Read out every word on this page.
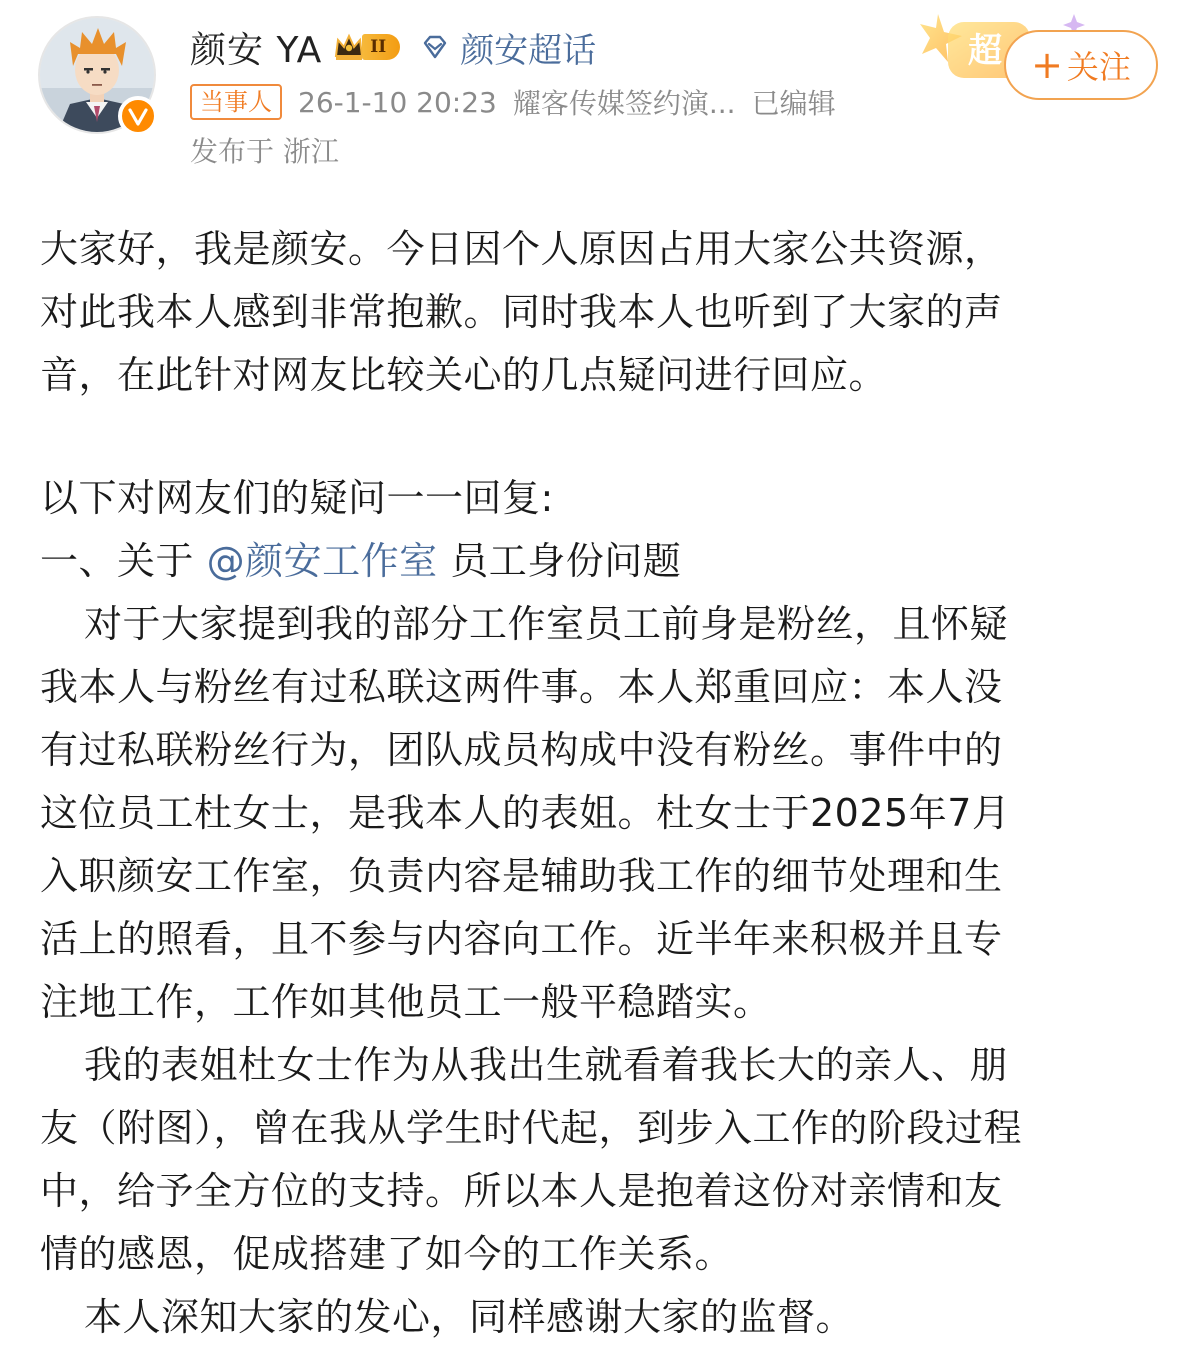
颜安 YA	II	颜安超话
当事人 26-1-10 20:23 耀客传媒签约演... 已编辑
发布于 浙江
超 + 关注
大家好，我是颜安。今日因个人原因占用大家公共资源，
对此我本人感到非常抱歉。同时我本人也听到了大家的声
音，在此针对网友比较关心的几点疑问进行回应。
以下对网友们的疑问一一回复:
一、关于 @颜安工作室 员工身份问题
对于大家提到我的部分工作室员工前身是粉丝，且怀疑
我本人与粉丝有过私联这两件事。本人郑重回应：本人没
有过私联粉丝行为，团队成员构成中没有粉丝。事件中的
这位员工杜女士，是我本人的表姐。杜女士于2025年7月
入职颜安工作室，负责内容是辅助我工作的细节处理和生
活上的照看，且不参与内容向工作。近半年来积极并且专
注地工作，工作如其他员工一般平稳踏实。
我的表姐杜女士作为从我出生就看着我长大的亲人、朋
友（附图），曾在我从学生时代起，到步入工作的阶段过程
中，给予全方位的支持。所以本人是抱着这份对亲情和友
情的感恩，促成搭建了如今的工作关系。
本人深知大家的发心，同样感谢大家的监督。
